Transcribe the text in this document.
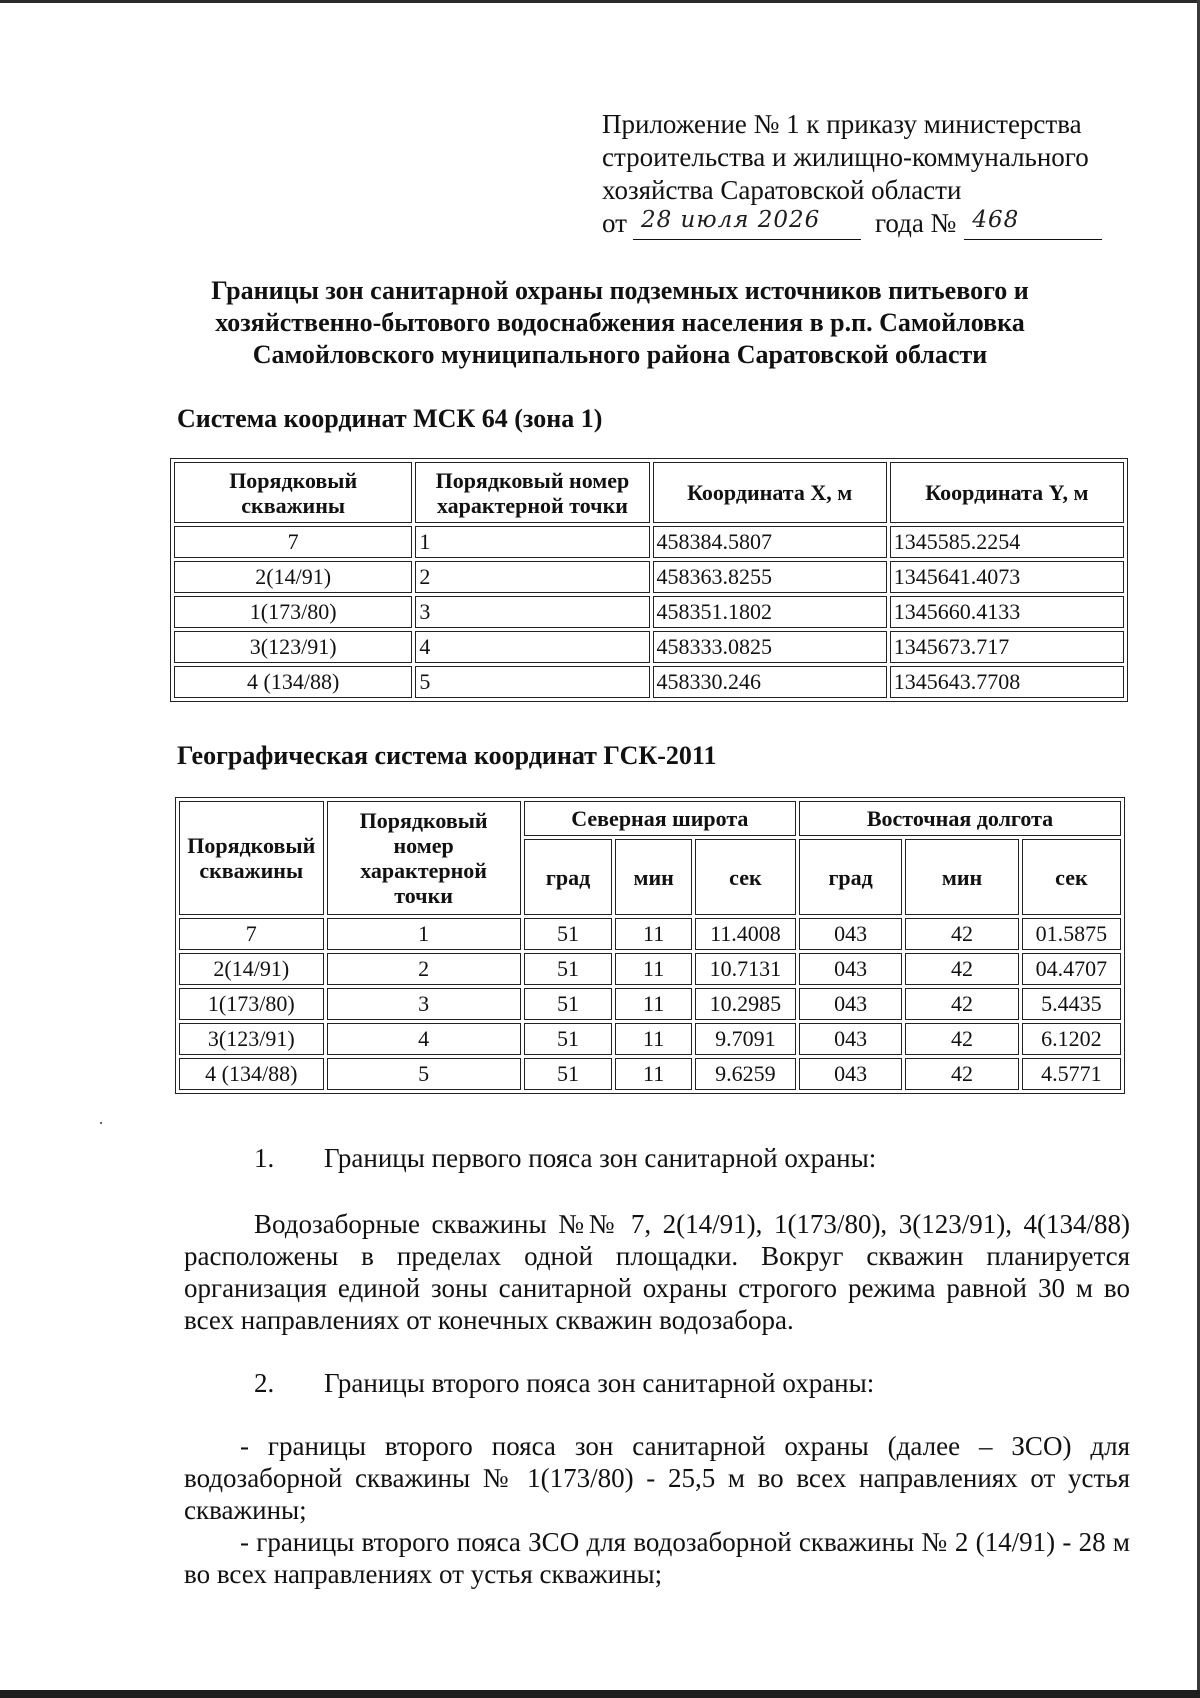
Приложение № 1 к приказу министерства
строительства и жилищно-коммунального
хозяйства Саратовской области
от 28 июля 2026 года № 468
Границы зон санитарной охраны подземных источников питьевого и
хозяйственно-бытового водоснабжения населения в р.п. Самойловка
Самойловского муниципального района Саратовской области
Система координат МСК 64 (зона 1)
Порядковый скважины	Порядковый номер характерной точки	Координата X, м	Координата Y, м
7	1	458384.5807	1345585.2254
2(14/91)	2	458363.8255	1345641.4073
1(173/80)	3	458351.1802	1345660.4133
3(123/91)	4	458333.0825	1345673.717
4 (134/88)	5	458330.246	1345643.7708
Географическая система координат ГСК-2011
Порядковый скважины	Порядковый номер характерной точки	Северная широта			Восточная долгота		
		град	мин	сек	град	мин	сек
7	1	51	11	11.4008	043	42	01.5875
2(14/91)	2	51	11	10.7131	043	42	04.4707
1(173/80)	3	51	11	10.2985	043	42	5.4435
3(123/91)	4	51	11	9.7091	043	42	6.1202
4 (134/88)	5	51	11	9.6259	043	42	4.5771
1. Границы первого пояса зон санитарной охраны:
Водозаборные скважины №№ 7, 2(14/91), 1(173/80), 3(123/91), 4(134/88) расположены в пределах одной площадки. Вокруг скважин планируется организация единой зоны санитарной охраны строгого режима равной 30 м во всех направлениях от конечных скважин водозабора.
2. Границы второго пояса зон санитарной охраны:
- границы второго пояса зон санитарной охраны (далее – ЗСО) для водозаборной скважины № 1(173/80) - 25,5 м во всех направлениях от устья скважины;
- границы второго пояса ЗСО для водозаборной скважины № 2 (14/91) - 28 м во всех направлениях от устья скважины;
